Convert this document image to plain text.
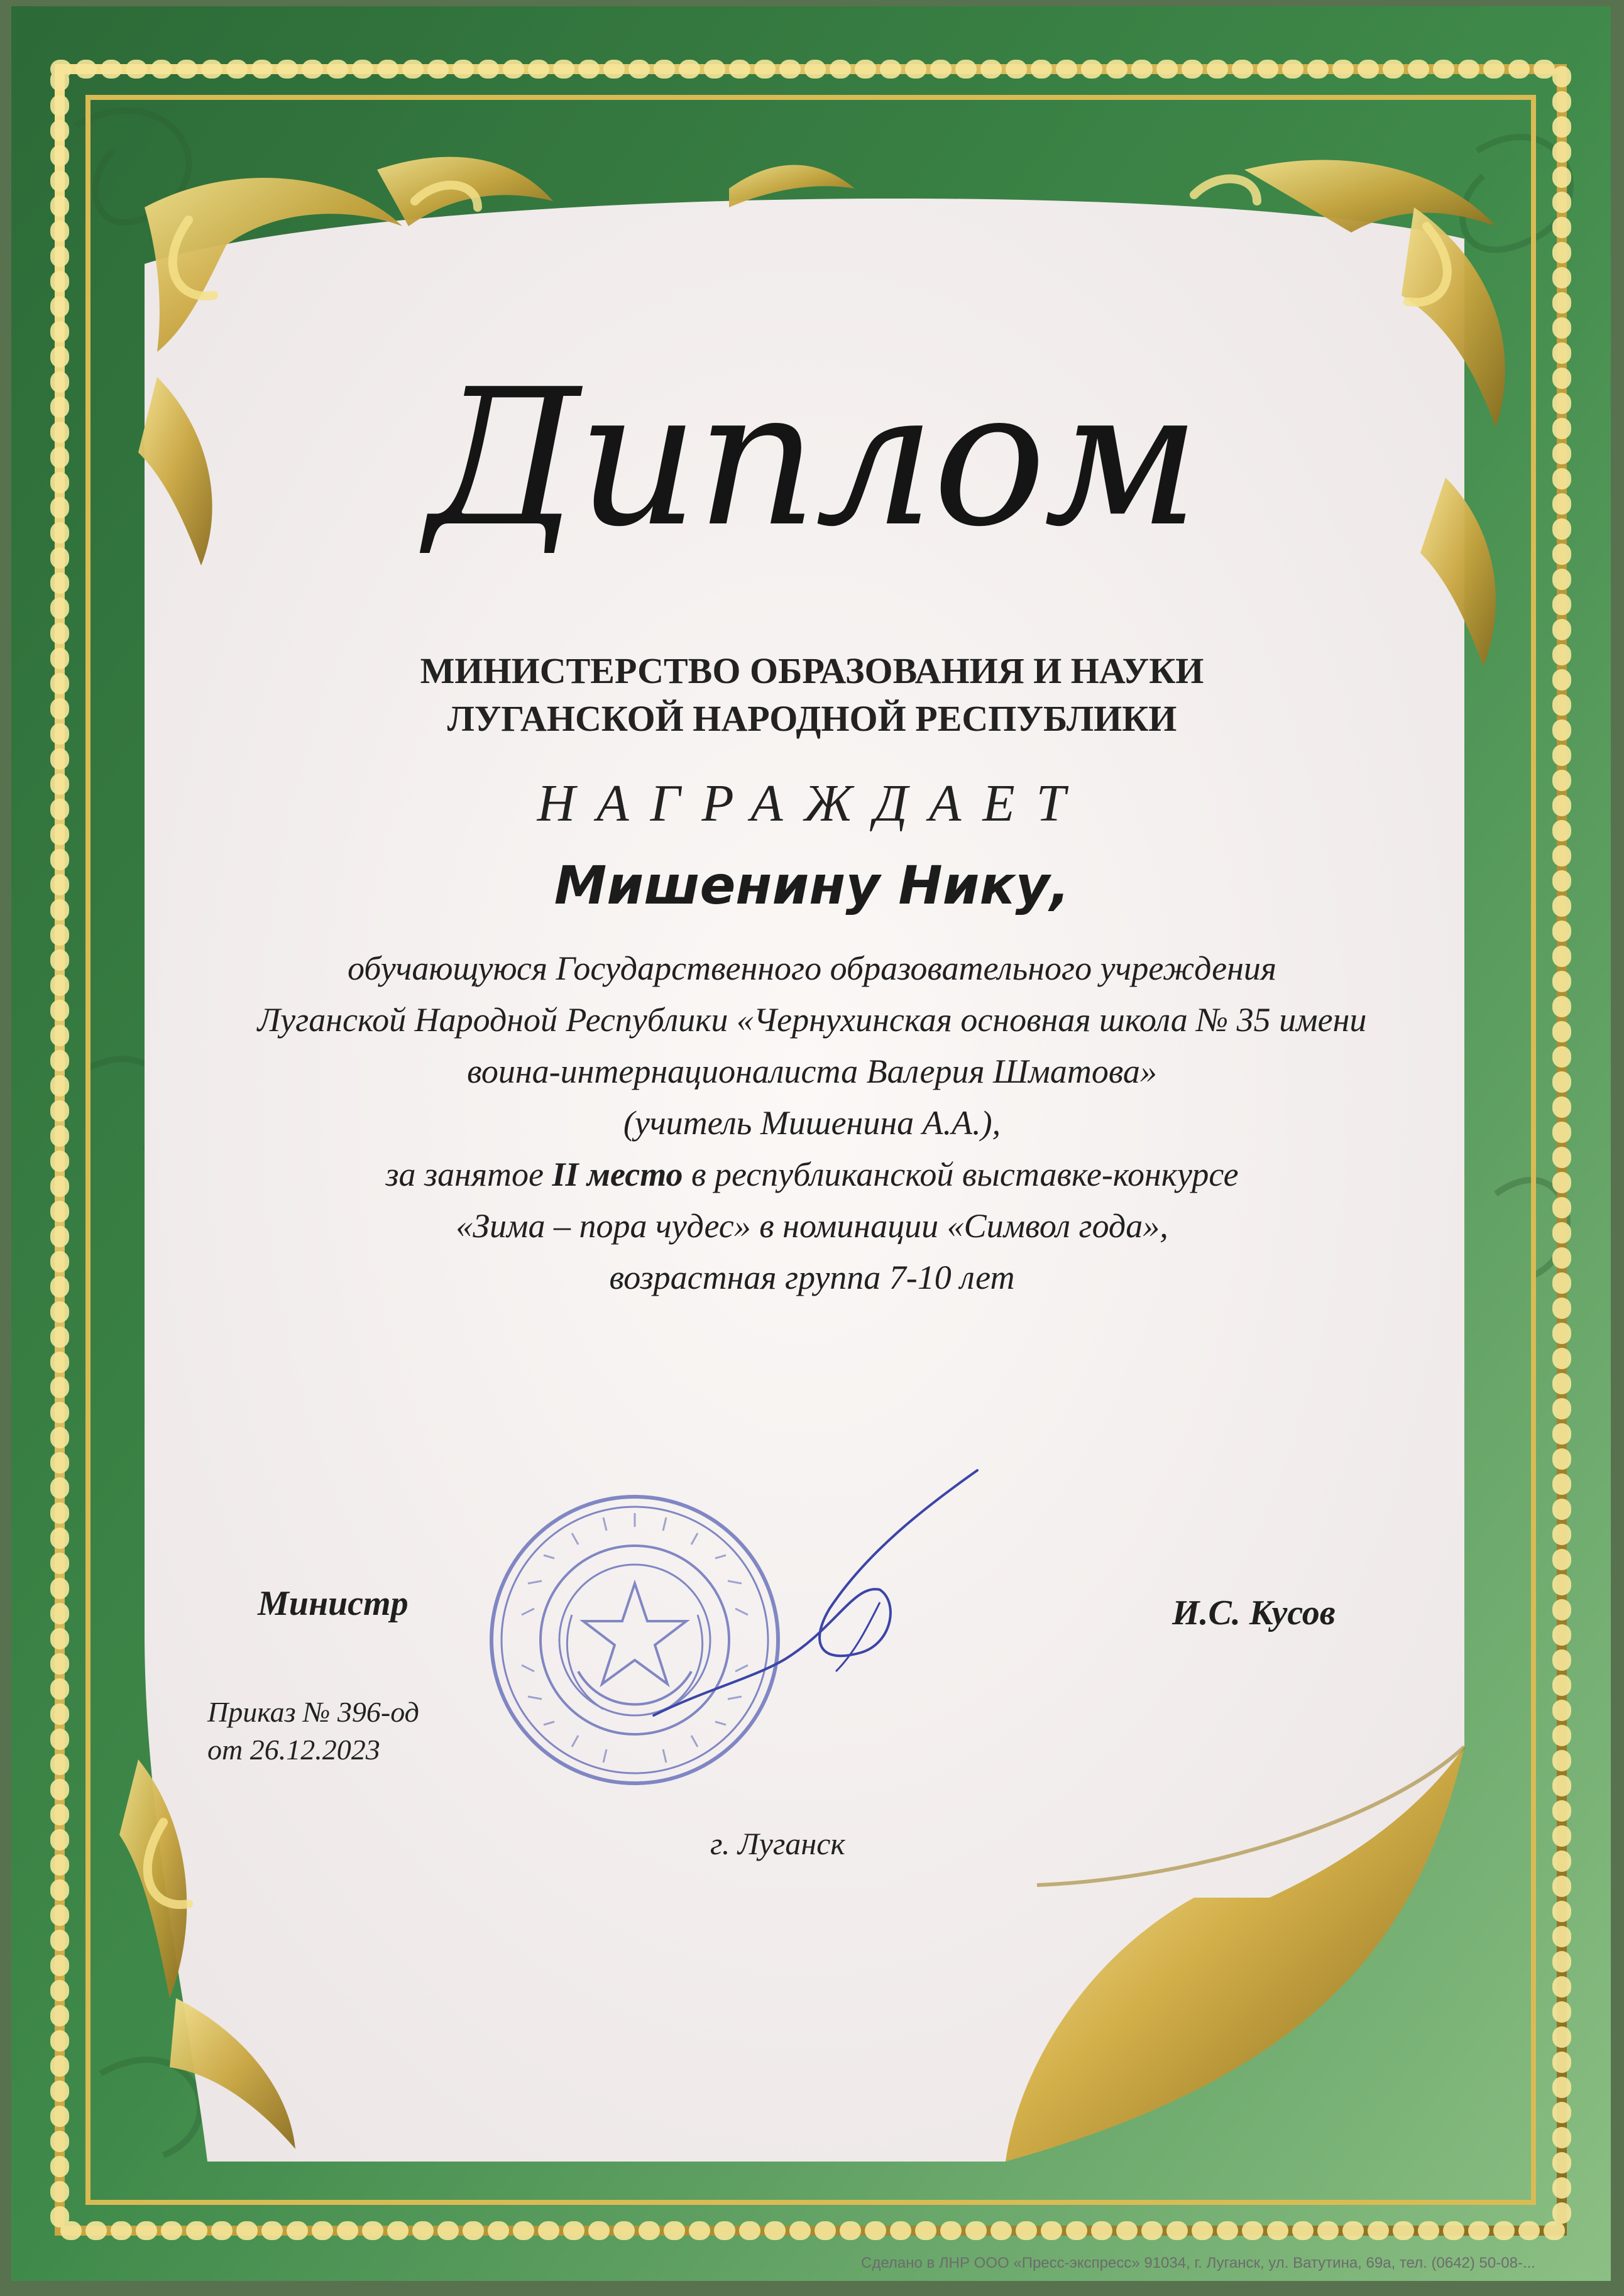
Диплом
МИНИСТЕРСТВО ОБРАЗОВАНИЯ И НАУКИ
ЛУГАНСКОЙ НАРОДНОЙ РЕСПУБЛИКИ
НАГРАЖДАЕТ
Мишенину Нику,

обучающуюся Государственного образовательного учреждения

Луганской Народной Республики «Чернухинская основная школа № 35 имени

воина-интернационалиста Валерия Шматова»

(учитель Мишенина А.А.),

за занятое II место в республиканской выставке-конкурсе

«Зима – пора чудес» в номинации «Символ года»,

возрастная группа 7-10 лет

Министр	И.С. Кусов
Приказ № 396-од
от 26.12.2023
г. Луганск
Сделано в ЛНР ООО «Пресс-экспресс» 91034, г. Луганск, ул. Ватутина, 69а, тел. (0642) 50-08-...
